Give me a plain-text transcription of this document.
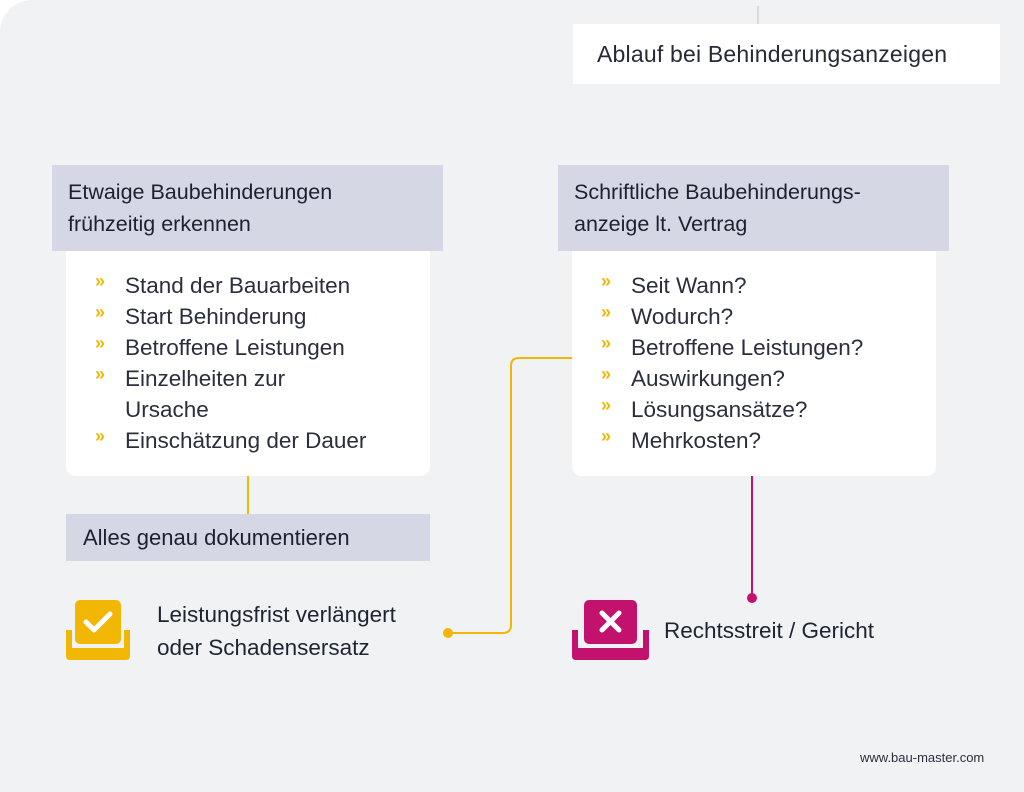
Ablauf bei Behinderungsanzeigen
» Stand der Bauarbeiten
» Start Behinderung
» Betroffene Leistungen
» Einzelheiten zur
Ursache
» Einschätzung der Dauer
Etwaige Baubehinderungen
frühzeitig erkennen
Alles genau dokumentieren
» Seit Wann?
» Wodurch?
» Betroffene Leistungen?
» Auswirkungen?
» Lösungsansätze?
» Mehrkosten?
Schriftliche Baubehinderungs-
anzeige lt. Vertrag
Leistungsfrist verlängert
oder Schadensersatz
Rechtsstreit / Gericht
www.bau-master.com
